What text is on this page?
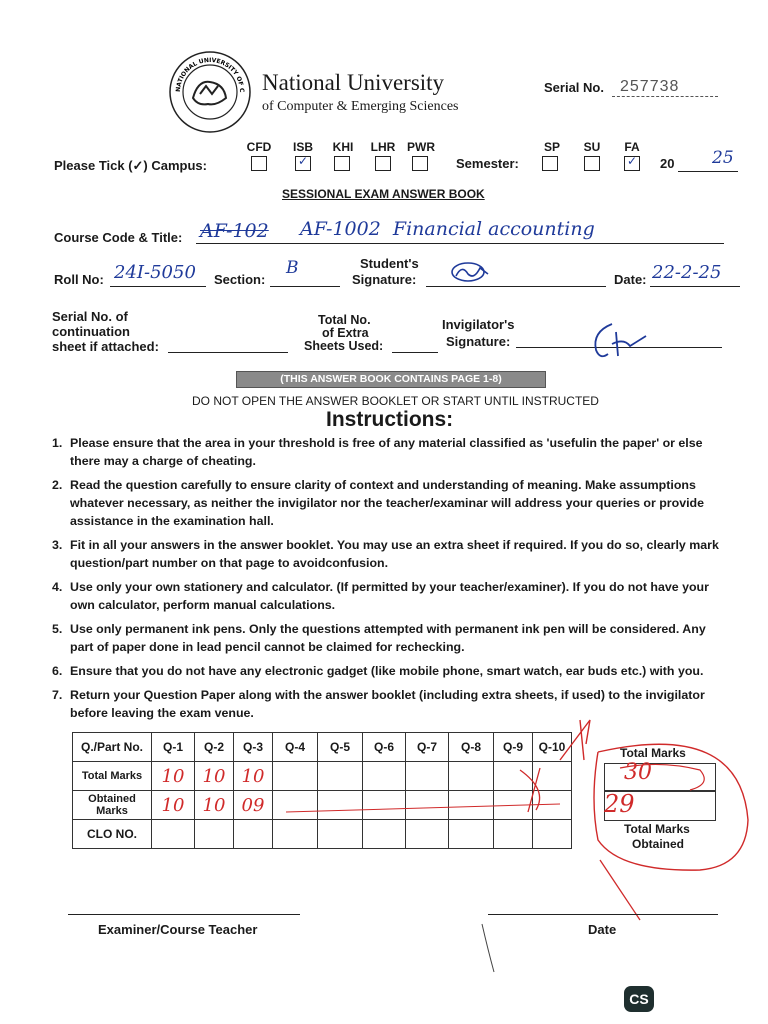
NATIONAL UNIVERSITY OF C National University
of Computer & Emerging Sciences
Serial No. 257738
Please Tick (✓) Campus:
CFD	ISB
✓
KHI	LHR PWR
Semester:
SP	SU	FA
✓ 20 25
SESSIONAL EXAM ANSWER BOOK
Course Code & Title: AF-102 AF-1002  Financial accounting
Roll No: 24I-5050 Section:
B	Student's
Signature:	Date: 22-2-25
Serial No. of
continuation
sheet if attached:
Total No.
of Extra
Sheets Used:
Invigilator's
Signature:
(THIS ANSWER BOOK CONTAINS PAGE 1-8)
DO NOT OPEN THE ANSWER BOOKLET OR START UNTIL INSTRUCTED
Instructions:
1. Please ensure that the area in your threshold is free of any material classified as 'usefulin the paper' or else there may a charge of cheating.
2. Read the question carefully to ensure clarity of context and understanding of meaning. Make assumptions whatever necessary, as neither the invigilator nor the teacher/examinar will address your queries or provide assistance in the examination hall.
3. Fit in all your answers in the answer booklet. You may use an extra sheet if required. If you do so, clearly mark question/part number on that page to avoidconfusion.
4. Use only your own stationery and calculator. (If permitted by your teacher/examiner). If you do not have your own calculator, perform manual calculations.
5. Use only permanent ink pens. Only the questions attempted with permanent ink pen will be considered. Any part of paper done in lead pencil cannot be claimed for rechecking.
6. Ensure that you do not have any electronic gadget (like mobile phone, smart watch, ear buds etc.) with you.
7. Return your Question Paper along with the answer booklet (including extra sheets, if used) to the invigilator before leaving the exam venue.
Q./Part No.	Q-1	Q-2	Q-3	Q-4	Q-5	Q-6	Q-7	Q-8	Q-9	Q-10
Total Marks	10	10	10							
Obtained Marks	10	10	09							
CLO NO.										
Total Marks
30
29
Total Marks
Obtained
Examiner/Course Teacher	Date
CS
